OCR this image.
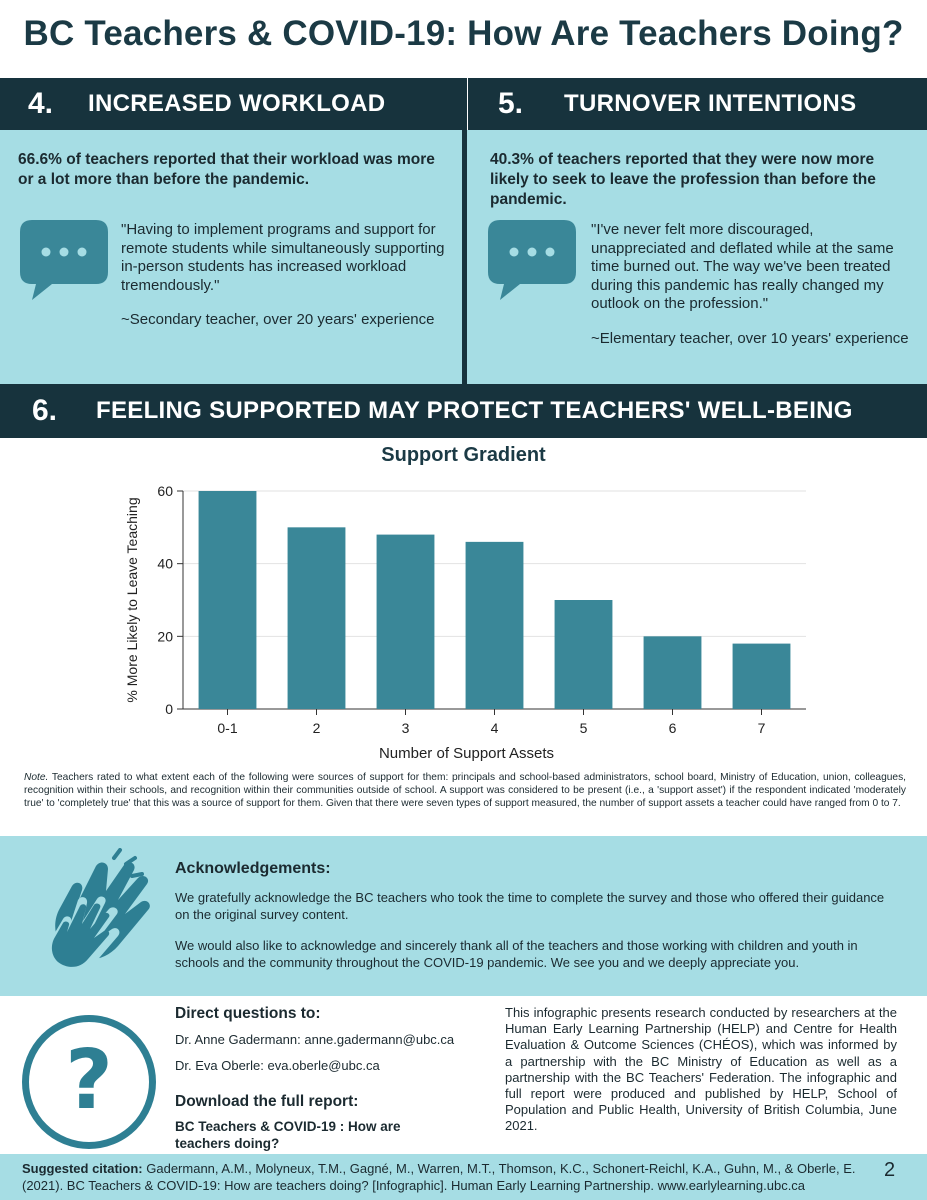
BC Teachers & COVID-19: How Are Teachers Doing?
4.	INCREASED WORKLOAD	5.	TURNOVER INTENTIONS
66.6% of teachers reported that their workload was more or a lot more than before the pandemic.

"Having to implement programs and support for remote students while simultaneously supporting in-person students has increased workload tremendously."

~Secondary teacher, over 20 years' experience

40.3% of teachers reported that they were now more likely to seek to leave the profession than before the pandemic.

"I've never felt more discouraged, unappreciated and deflated while at the same time burned out. The way we've been treated during this pandemic has really changed my outlook on the profession."

~Elementary teacher, over 10 years' experience

6.	FEELING SUPPORTED MAY PROTECT TEACHERS' WELL-BEING
Support Gradient
0
20
40
60
0-1	2	3	4	5	6	7
Number of Support Assets
% More Likely to Leave Teaching
Note. Teachers rated to what extent each of the following were sources of support for them: principals and school-based administrators, school board, Ministry of Education, union, colleagues, recognition within their schools, and recognition within their communities outside of school. A support was considered to be present (i.e., a 'support asset') if the respondent indicated 'moderately true' to 'completely true' that this was a source of support for them. Given that there were seven types of support measured, the number of support assets a teacher could have ranged from 0 to 7.
Acknowledgements:
We gratefully acknowledge the BC teachers who took the time to complete the survey and those who offered their guidance on the original survey content.
We would also like to acknowledge and sincerely thank all of the teachers and those working with children and youth in schools and the community throughout the COVID-19 pandemic. We see you and we deeply appreciate you.
?
Direct questions to:
Dr. Anne Gadermann: anne.gadermann@ubc.ca
Dr. Eva Oberle: eva.oberle@ubc.ca
Download the full report:
BC Teachers & COVID-19 : How are teachers doing?
This infographic presents research conducted by researchers at the Human Early Learning Partnership (HELP) and Centre for Health Evaluation & Outcome Sciences (CHÉOS), which was informed by a partnership with the BC Ministry of Education as well as a partnership with the BC Teachers' Federation. The infographic and full report were produced and published by HELP, School of Population and Public Health, University of British Columbia, June 2021.
Suggested citation: Gadermann, A.M., Molyneux, T.M., Gagné, M., Warren, M.T., Thomson, K.C., Schonert-Reichl, K.A., Guhn, M., & Oberle, E. (2021). BC Teachers & COVID-19: How are teachers doing? [Infographic]. Human Early Learning Partnership. www.earlylearning.ubc.ca
2
